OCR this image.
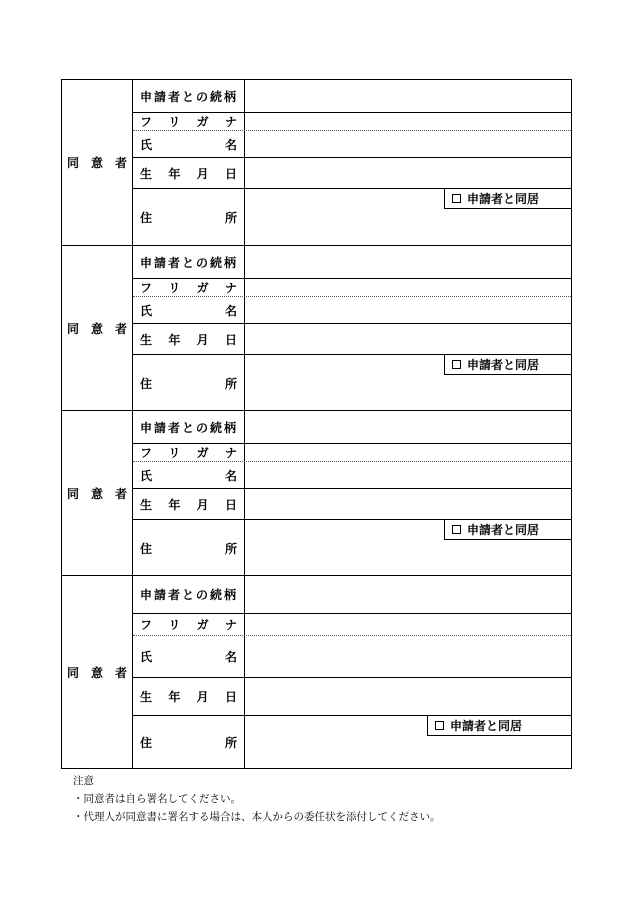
同 意 者
申請者との続柄
フ リ ガ ナ
氏	名
生 年 月 日
住	所
申請者と同居
同 意 者
申請者との続柄
フ リ ガ ナ
氏	名
生 年 月 日
住	所
申請者と同居
同 意 者
申請者との続柄
フ リ ガ ナ
氏	名
生 年 月 日
住	所
申請者と同居
同 意 者
申請者との続柄
フ リ ガ ナ
氏	名
生 年 月 日
住	所
申請者と同居
注意
・同意者は自ら署名してください。
・代理人が同意書に署名する場合は、本人からの委任状を添付してください。
